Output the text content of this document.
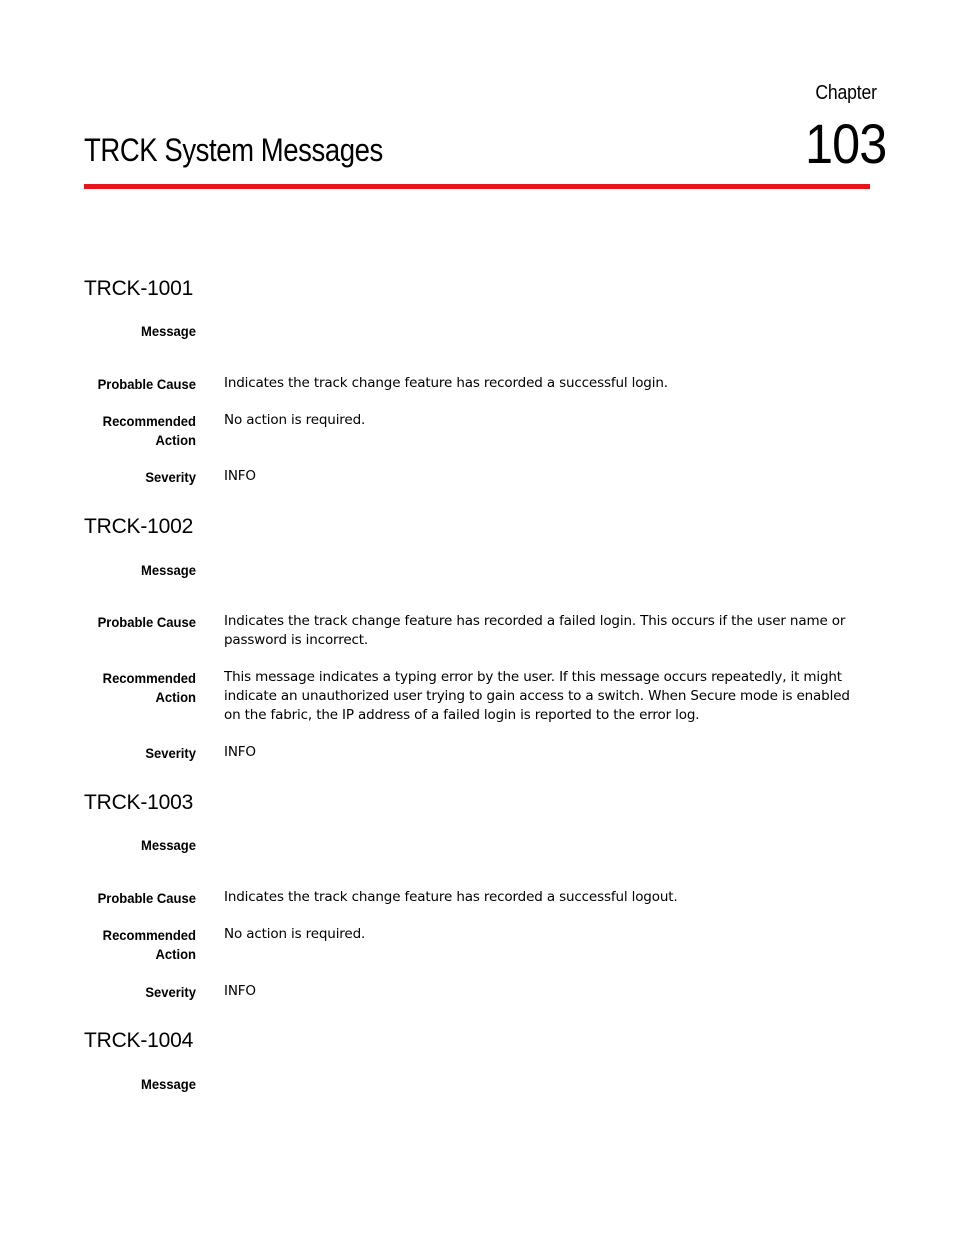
Chapter
103
TRCK System Messages
TRCK-1001
Message
Probable Cause Indicates the track change feature has recorded a successful login.
Recommended
Action
No action is required.
Severity INFO
TRCK-1002
Message
Probable Cause Indicates the track change feature has recorded a failed login. This occurs if the user name or password is incorrect.
Recommended
Action
This message indicates a typing error by the user. If this message occurs repeatedly, it might indicate an unauthorized user trying to gain access to a switch. When Secure mode is enabled on the fabric, the IP address of a failed login is reported to the error log.
Severity INFO
TRCK-1003
Message
Probable Cause Indicates the track change feature has recorded a successful logout.
Recommended
Action
No action is required.
Severity INFO
TRCK-1004
Message
